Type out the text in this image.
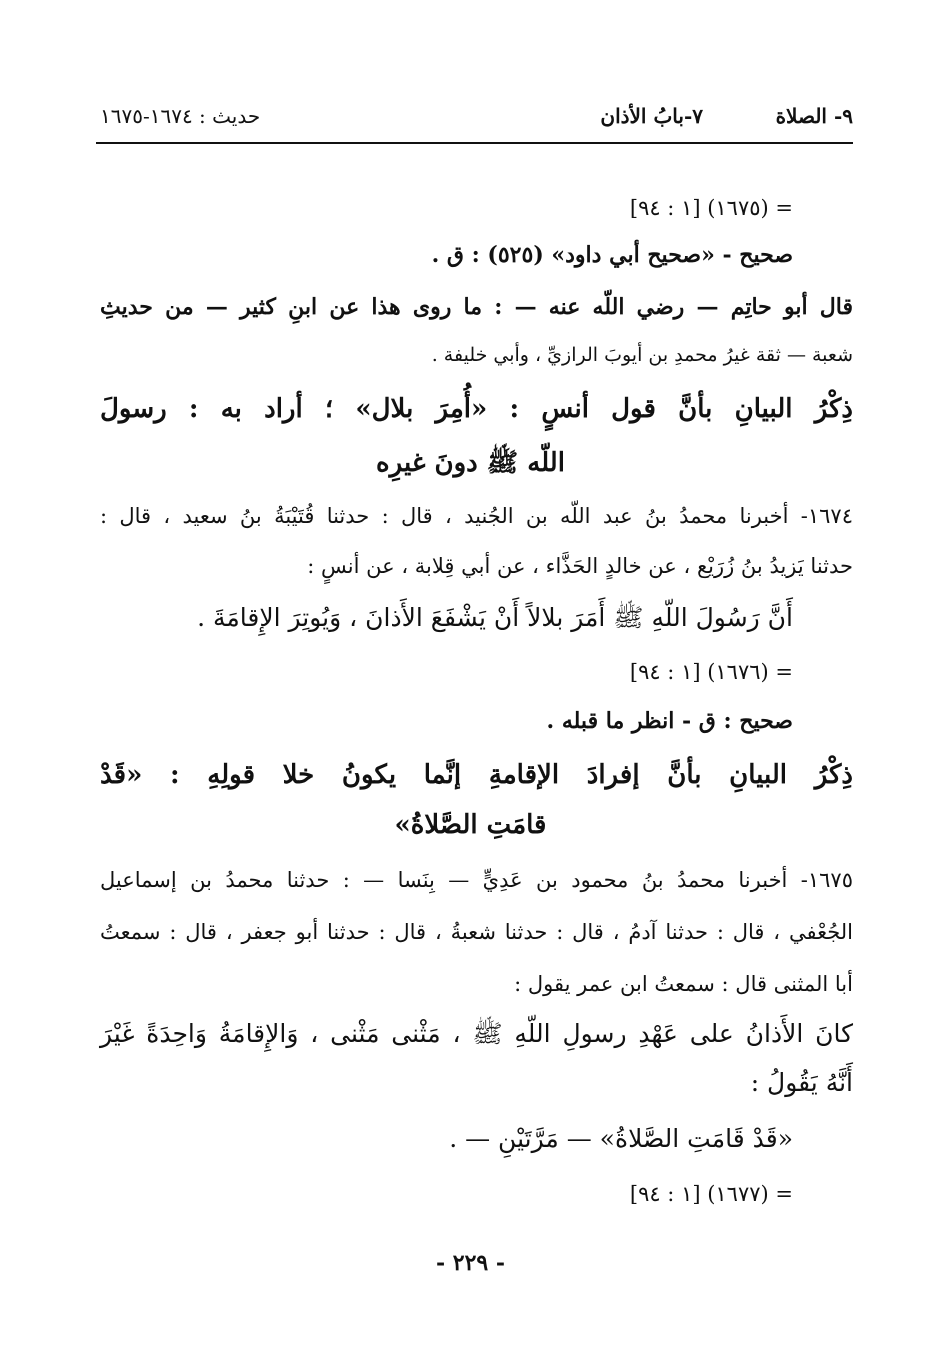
٩- الصلاة
٧-بابُ الأذان
حديث : ١٦٧٤-١٦٧٥
= (١٦٧٥) [١ : ٩٤]
صحيح - «صحيح أبي داود» (٥٢٥) : ق .
قال أبو حاتِم — رضي اللّه عنه — : ما روى هذا عن ابنِ كثير — من حديثِ
شعبة — ثقة غيرُ محمدِ بن أيوبَ الرازيِّ ، وأبي خليفة .
ذِكْرُ البيانِ بأنَّ قول أنسٍ : «أُمِرَ بلال» ؛ أراد به : رسولَ
اللّه ﷺ دونَ غيرِه
١٦٧٤- أخبرنا محمدُ بنُ عبد اللّه بن الجُنيد ، قال : حدثنا قُتَيْبَةُ بنُ سعيد ، قال :
حدثنا يَزيدُ بنُ زُرَيْع ، عن خالدٍ الحَذَّاء ، عن أبي قِلابة ، عن أنسٍ :
أَنَّ رَسُولَ اللّهِ ﷺ أَمَرَ بلالاً أَنْ يَشْفَعَ الأَذانَ ، وَيُوتِرَ الإِقامَةَ .
= (١٦٧٦) [١ : ٩٤]
صحيح : ق - انظر ما قبله .
ذِكْرُ البيانِ بأنَّ إفرادَ الإقامةِ إنَّما يكونُ خلا قولِهِ : «قَدْ
قامَتِ الصَّلاةُ»
١٦٧٥- أخبرنا محمدُ بنُ محمود بن عَدِيٍّ — بِنَسا — : حدثنا محمدُ بن إسماعيل
الجُعْفي ، قال : حدثنا آدمُ ، قال : حدثنا شعبةُ ، قال : حدثنا أبو جعفر ، قال : سمعتُ
أبا المثنى قال : سمعتُ ابن عمر يقول :
كانَ الأَذانُ على عَهْدِ رسولِ اللّهِ ﷺ ، مَثْنى مَثْنى ، وَالإِقامَةُ وَاحِدَةً غَيْرَ
أَنَّهُ يَقُولُ :
«قَدْ قَامَتِ الصَّلاةُ» — مَرَّتَيْنِ — .
= (١٦٧٧) [١ : ٩٤]
- ٢٢٩ -
